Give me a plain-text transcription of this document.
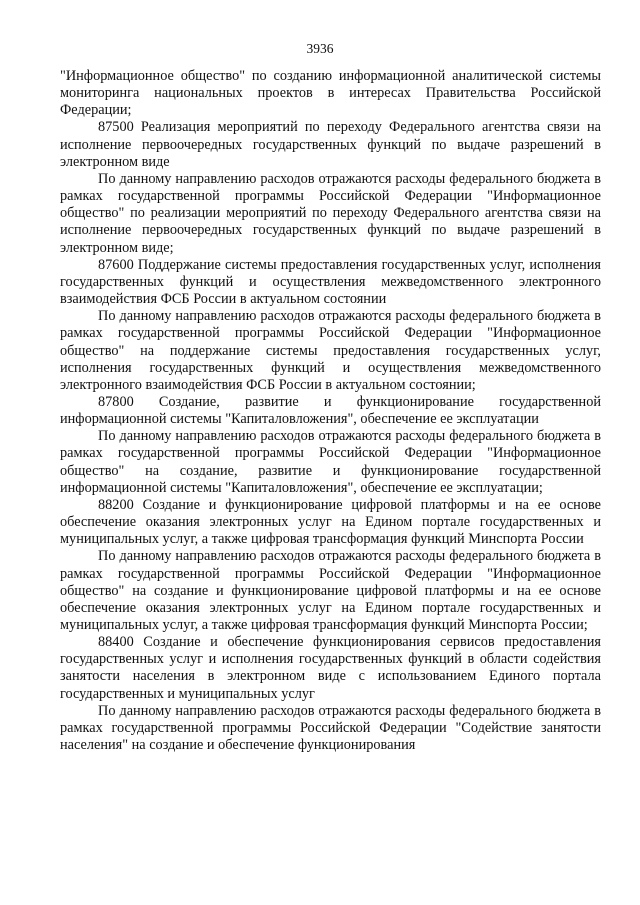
3936

"Информационное общество" по созданию информационной аналитической системы мониторинга национальных проектов в интересах Правительства Российской Федерации;

87500 Реализация мероприятий по переходу Федерального агентства связи на исполнение первоочередных государственных функций по выдаче разрешений в электронном виде

По данному направлению расходов отражаются расходы федерального бюджета в рамках государственной программы Российской Федерации "Информационное общество" по реализации мероприятий по переходу Федерального агентства связи на исполнение первоочередных государственных функций по выдаче разрешений в электронном виде;

87600 Поддержание системы предоставления государственных услуг, исполнения государственных функций и осуществления межведомственного электронного взаимодействия ФСБ России в актуальном состоянии

По данному направлению расходов отражаются расходы федерального бюджета в рамках государственной программы Российской Федерации "Информационное общество" на поддержание системы предоставления государственных услуг, исполнения государственных функций и осуществления межведомственного электронного взаимодействия ФСБ России в актуальном состоянии;

87800 Создание, развитие и функционирование государственной информационной системы "Капиталовложения", обеспечение ее эксплуатации

По данному направлению расходов отражаются расходы федерального бюджета в рамках государственной программы Российской Федерации "Информационное общество" на создание, развитие и функционирование государственной информационной системы "Капиталовложения", обеспечение ее эксплуатации;

88200 Создание и функционирование цифровой платформы и на ее основе обеспечение оказания электронных услуг на Едином портале государственных и муниципальных услуг, а также цифровая трансформация функций Минспорта России

По данному направлению расходов отражаются расходы федерального бюджета в рамках государственной программы Российской Федерации "Информационное общество" на создание и функционирование цифровой платформы и на ее основе обеспечение оказания электронных услуг на Едином портале государственных и муниципальных услуг, а также цифровая трансформация функций Минспорта России;

88400 Создание и обеспечение функционирования сервисов предоставления государственных услуг и исполнения государственных функций в области содействия занятости населения в электронном виде с использованием Единого портала государственных и муниципальных услуг

По данному направлению расходов отражаются расходы федерального бюджета в рамках государственной программы Российской Федерации "Содействие занятости населения" на создание и обеспечение функционирования
